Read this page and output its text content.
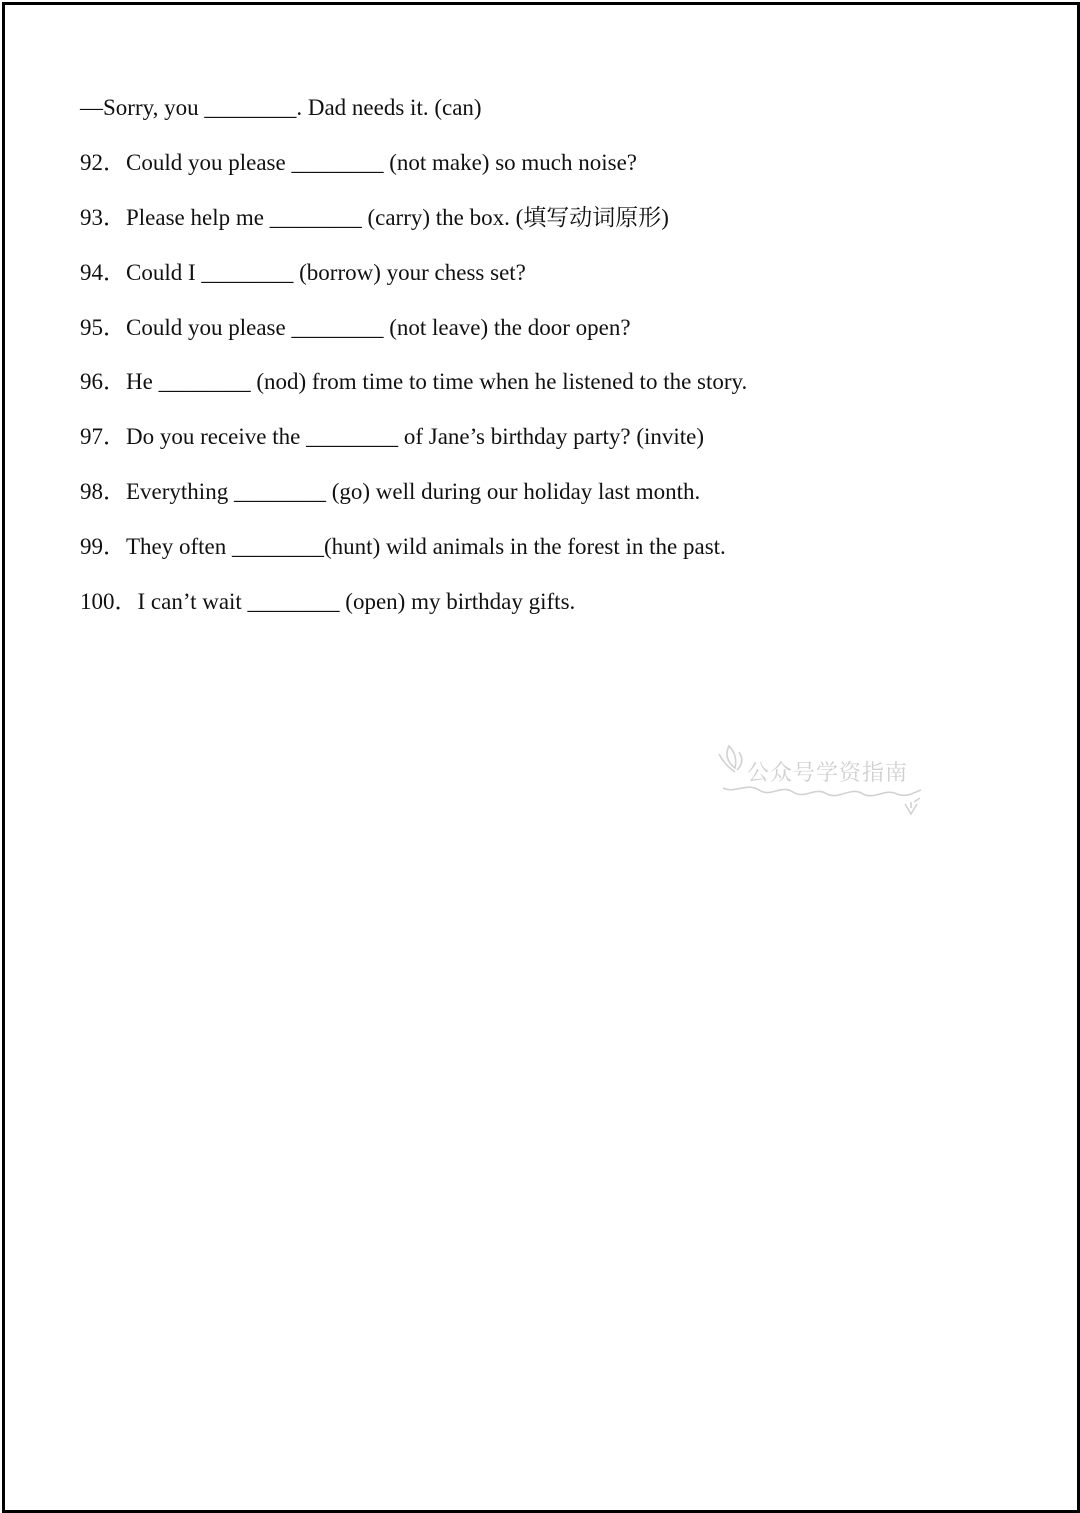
—Sorry, you ________. Dad needs it. (can)
92．Could you please ________ (not make) so much noise?
93．Please help me ________ (carry) the box. (填写动词原形)
94．Could I ________ (borrow) your chess set?
95．Could you please ________ (not leave) the door open?
96．He ________ (nod) from time to time when he listened to the story.
97．Do you receive the ________ of Jane’s birthday party? (invite)
98．Everything ________ (go) well during our holiday last month.
99．They often ________(hunt) wild animals in the forest in the past.
100．I can’t wait ________ (open) my birthday gifts.
公众号学资指南
